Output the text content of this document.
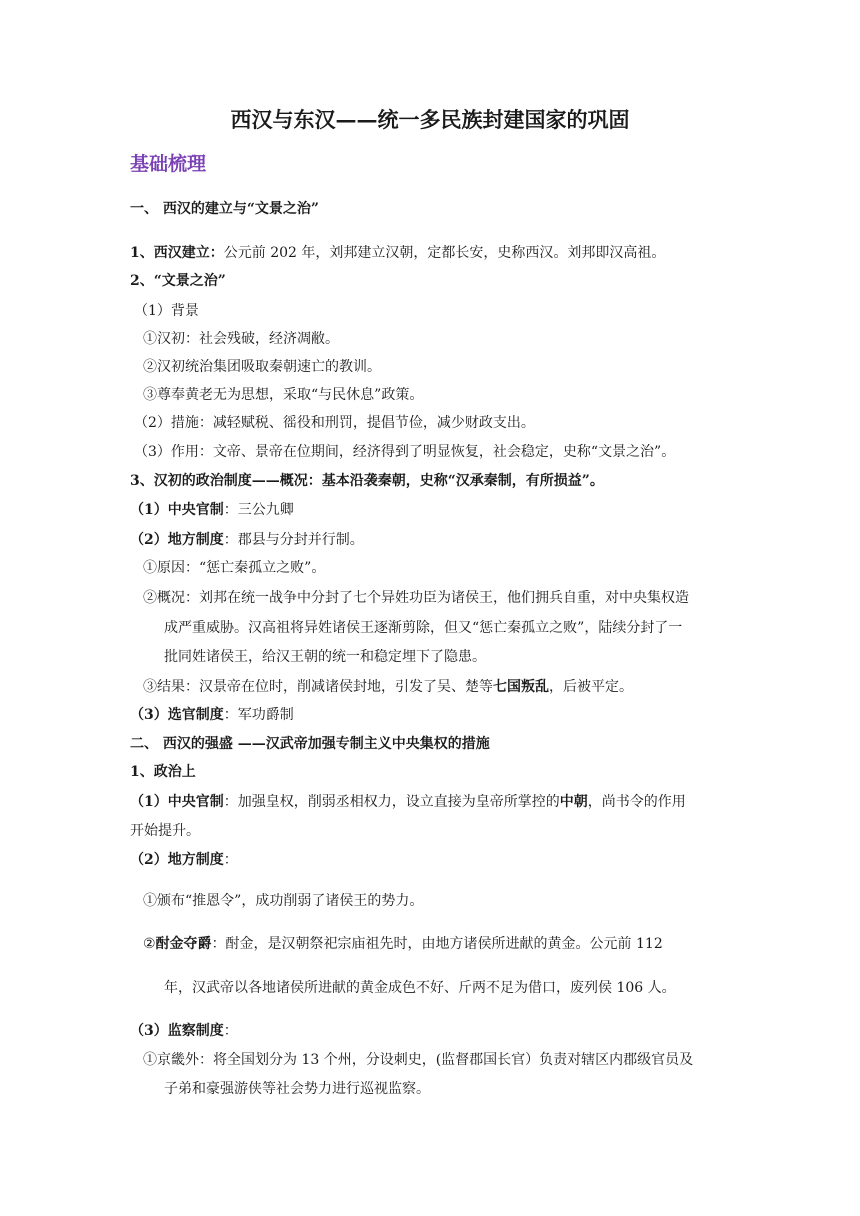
西汉与东汉——统一多民族封建国家的巩固
基础梳理
一、 西汉的建立与“文景之治”
1、西汉建立：公元前 202 年，刘邦建立汉朝，定都长安，史称西汉。刘邦即汉高祖。
2、“文景之治”
（1）背景
①汉初：社会残破，经济凋敝。
②汉初统治集团吸取秦朝速亡的教训。
③尊奉黄老无为思想，采取“与民休息”政策。
（2）措施：减轻赋税、徭役和刑罚，提倡节俭，减少财政支出。
（3）作用：文帝、景帝在位期间，经济得到了明显恢复，社会稳定，史称“文景之治”。
3、汉初的政治制度——概况：基本沿袭秦朝，史称“汉承秦制，有所损益”。
（1）中央官制：三公九卿
（2）地方制度：郡县与分封并行制。
①原因：“惩亡秦孤立之败”。
②概况：刘邦在统一战争中分封了七个异姓功臣为诸侯王，他们拥兵自重，对中央集权造
成严重威胁。汉高祖将异姓诸侯王逐渐剪除，但又“惩亡秦孤立之败”，陆续分封了一
批同姓诸侯王，给汉王朝的统一和稳定埋下了隐患。
③结果：汉景帝在位时，削减诸侯封地，引发了吴、楚等七国叛乱，后被平定。
（3）选官制度：军功爵制
二、 西汉的强盛 ——汉武帝加强专制主义中央集权的措施
1、政治上
（1）中央官制：加强皇权，削弱丞相权力，设立直接为皇帝所掌控的中朝，尚书令的作用
开始提升。
（2）地方制度：
①颁布“推恩令”，成功削弱了诸侯王的势力。
②酎金夺爵：酎金，是汉朝祭祀宗庙祖先时，由地方诸侯所进献的黄金。公元前 112
年，汉武帝以各地诸侯所进献的黄金成色不好、斤两不足为借口，废列侯 106 人。
（3）监察制度：
①京畿外：将全国划分为 13 个州，分设刺史，(监督郡国长官）负责对辖区内郡级官员及
子弟和豪强游侠等社会势力进行巡视监察。
